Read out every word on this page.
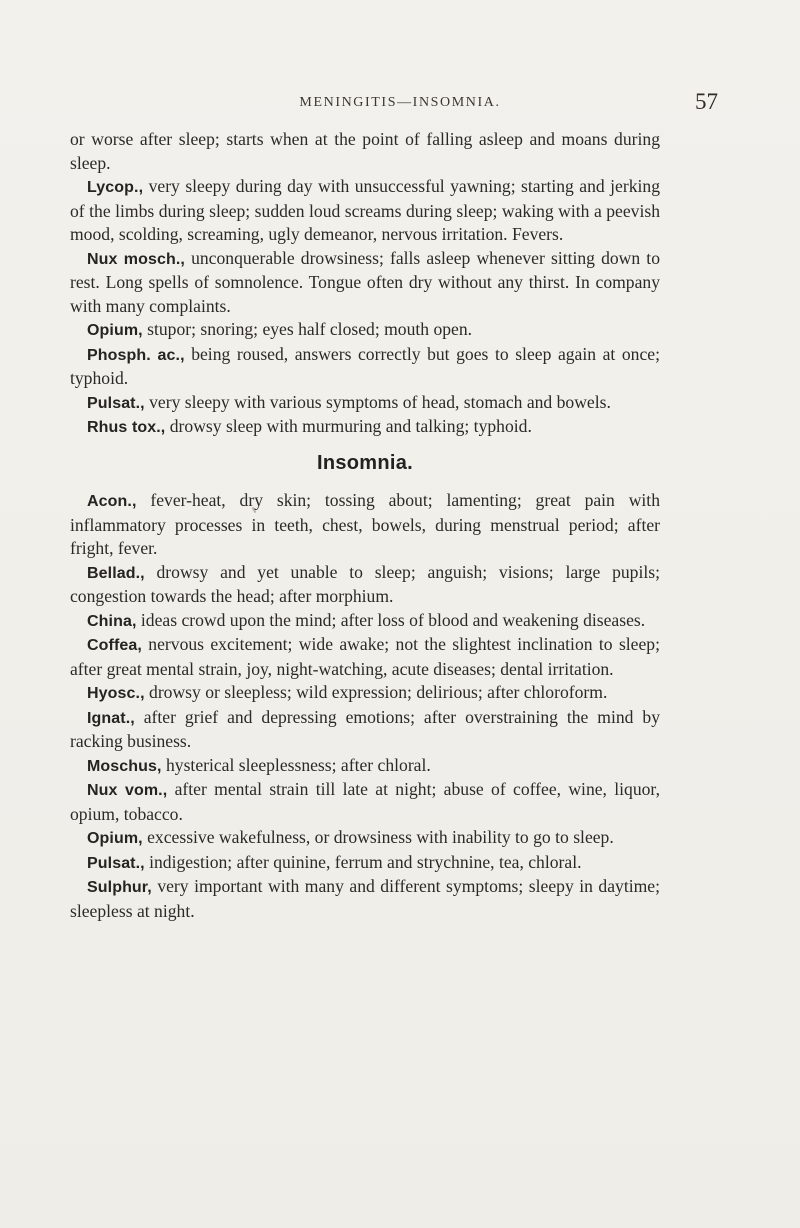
MENINGITIS—INSOMNIA.	57

or worse after sleep; starts when at the point of falling asleep and moans during sleep.

Lycop., very sleepy during day with unsuccessful yawning; starting and jerking of the limbs during sleep; sudden loud screams during sleep; waking with a peevish mood, scolding, screaming, ugly demeanor, nervous irritation. Fevers.

Nux mosch., unconquerable drowsiness; falls asleep whenever sitting down to rest. Long spells of somnolence. Tongue often dry without any thirst. In company with many complaints.

Opium, stupor; snoring; eyes half closed; mouth open.

Phosph. ac., being roused, answers correctly but goes to sleep again at once; typhoid.

Pulsat., very sleepy with various symptoms of head, stomach and bowels.

Rhus tox., drowsy sleep with murmuring and talking; typhoid.

Insomnia.

Acon., fever-heat, dry skin; tossing about; lamenting; great pain with inflammatory processes in teeth, chest, bowels, during menstrual period; after fright, fever.

Bellad., drowsy and yet unable to sleep; anguish; visions; large pupils; congestion towards the head; after morphium.

China, ideas crowd upon the mind; after loss of blood and weakening diseases.

Coffea, nervous excitement; wide awake; not the slightest inclination to sleep; after great mental strain, joy, night-watching, acute diseases; dental irritation.

Hyosc., drowsy or sleepless; wild expression; delirious; after chloroform.

Ignat., after grief and depressing emotions; after overstraining the mind by racking business.

Moschus, hysterical sleeplessness; after chloral.

Nux vom., after mental strain till late at night; abuse of coffee, wine, liquor, opium, tobacco.

Opium, excessive wakefulness, or drowsiness with inability to go to sleep.

Pulsat., indigestion; after quinine, ferrum and strychnine, tea, chloral.

Sulphur, very important with many and different symptoms; sleepy in daytime; sleepless at night.
